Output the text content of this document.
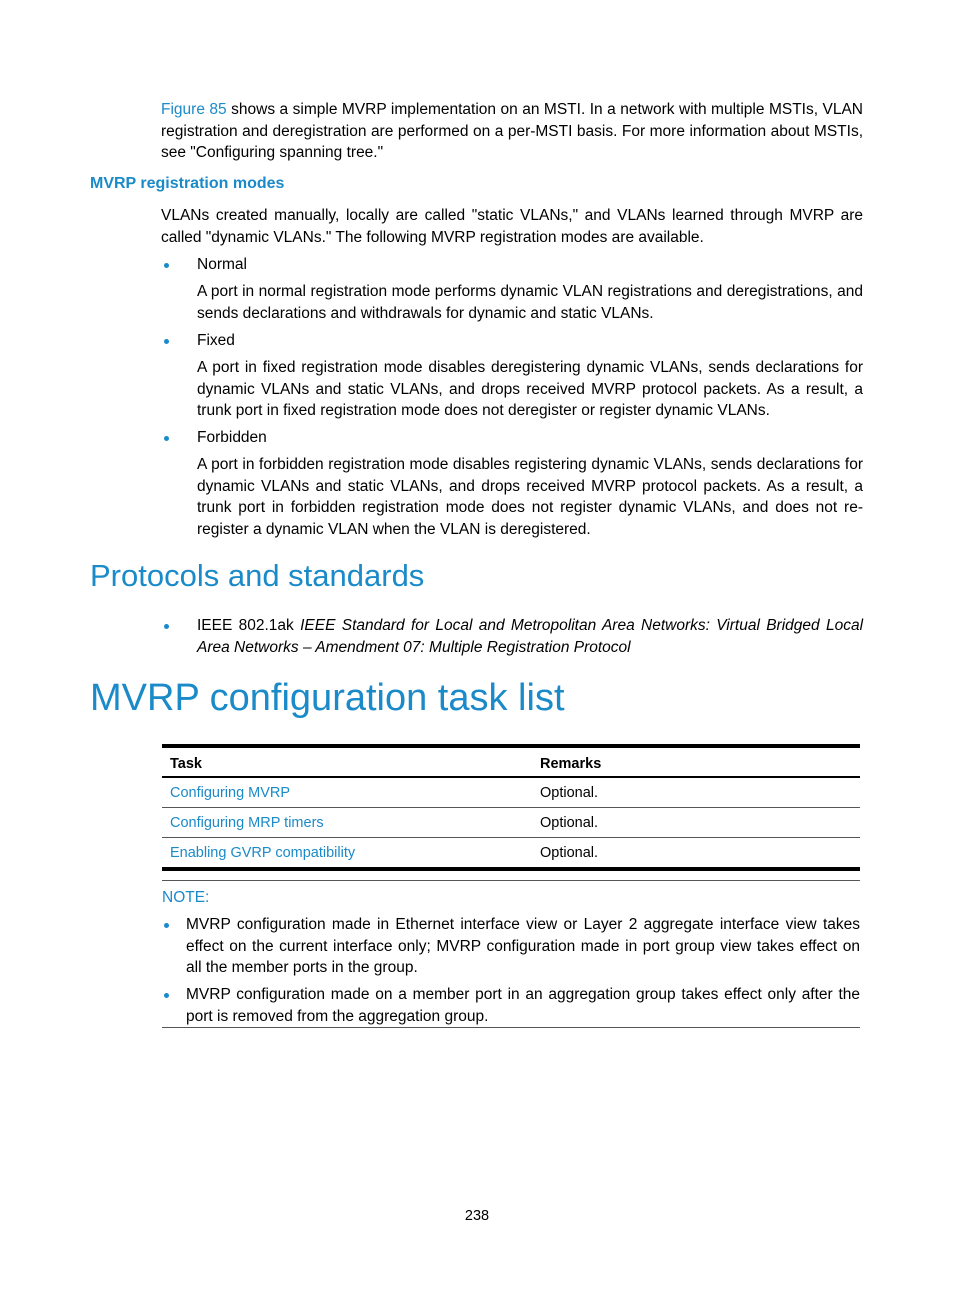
Figure 85 shows a simple MVRP implementation on an MSTI. In a network with multiple MSTIs, VLAN registration and deregistration are performed on a per-MSTI basis. For more information about MSTIs, see "Configuring spanning tree."
MVRP registration modes
VLANs created manually, locally are called "static VLANs," and VLANs learned through MVRP are called "dynamic VLANs." The following MVRP registration modes are available.
Normal
A port in normal registration mode performs dynamic VLAN registrations and deregistrations, and sends declarations and withdrawals for dynamic and static VLANs.
Fixed
A port in fixed registration mode disables deregistering dynamic VLANs, sends declarations for dynamic VLANs and static VLANs, and drops received MVRP protocol packets. As a result, a trunk port in fixed registration mode does not deregister or register dynamic VLANs.
Forbidden
A port in forbidden registration mode disables registering dynamic VLANs, sends declarations for dynamic VLANs and static VLANs, and drops received MVRP protocol packets. As a result, a trunk port in forbidden registration mode does not register dynamic VLANs, and does not re-register a dynamic VLAN when the VLAN is deregistered.
Protocols and standards
IEEE 802.1ak IEEE Standard for Local and Metropolitan Area Networks: Virtual Bridged Local Area Networks – Amendment 07: Multiple Registration Protocol
MVRP configuration task list
Task	Remarks
Configuring MVRP	Optional.
Configuring MRP timers	Optional.
Enabling GVRP compatibility	Optional.
NOTE:
MVRP configuration made in Ethernet interface view or Layer 2 aggregate interface view takes effect on the current interface only; MVRP configuration made in port group view takes effect on all the member ports in the group.
MVRP configuration made on a member port in an aggregation group takes effect only after the port is removed from the aggregation group.
238
